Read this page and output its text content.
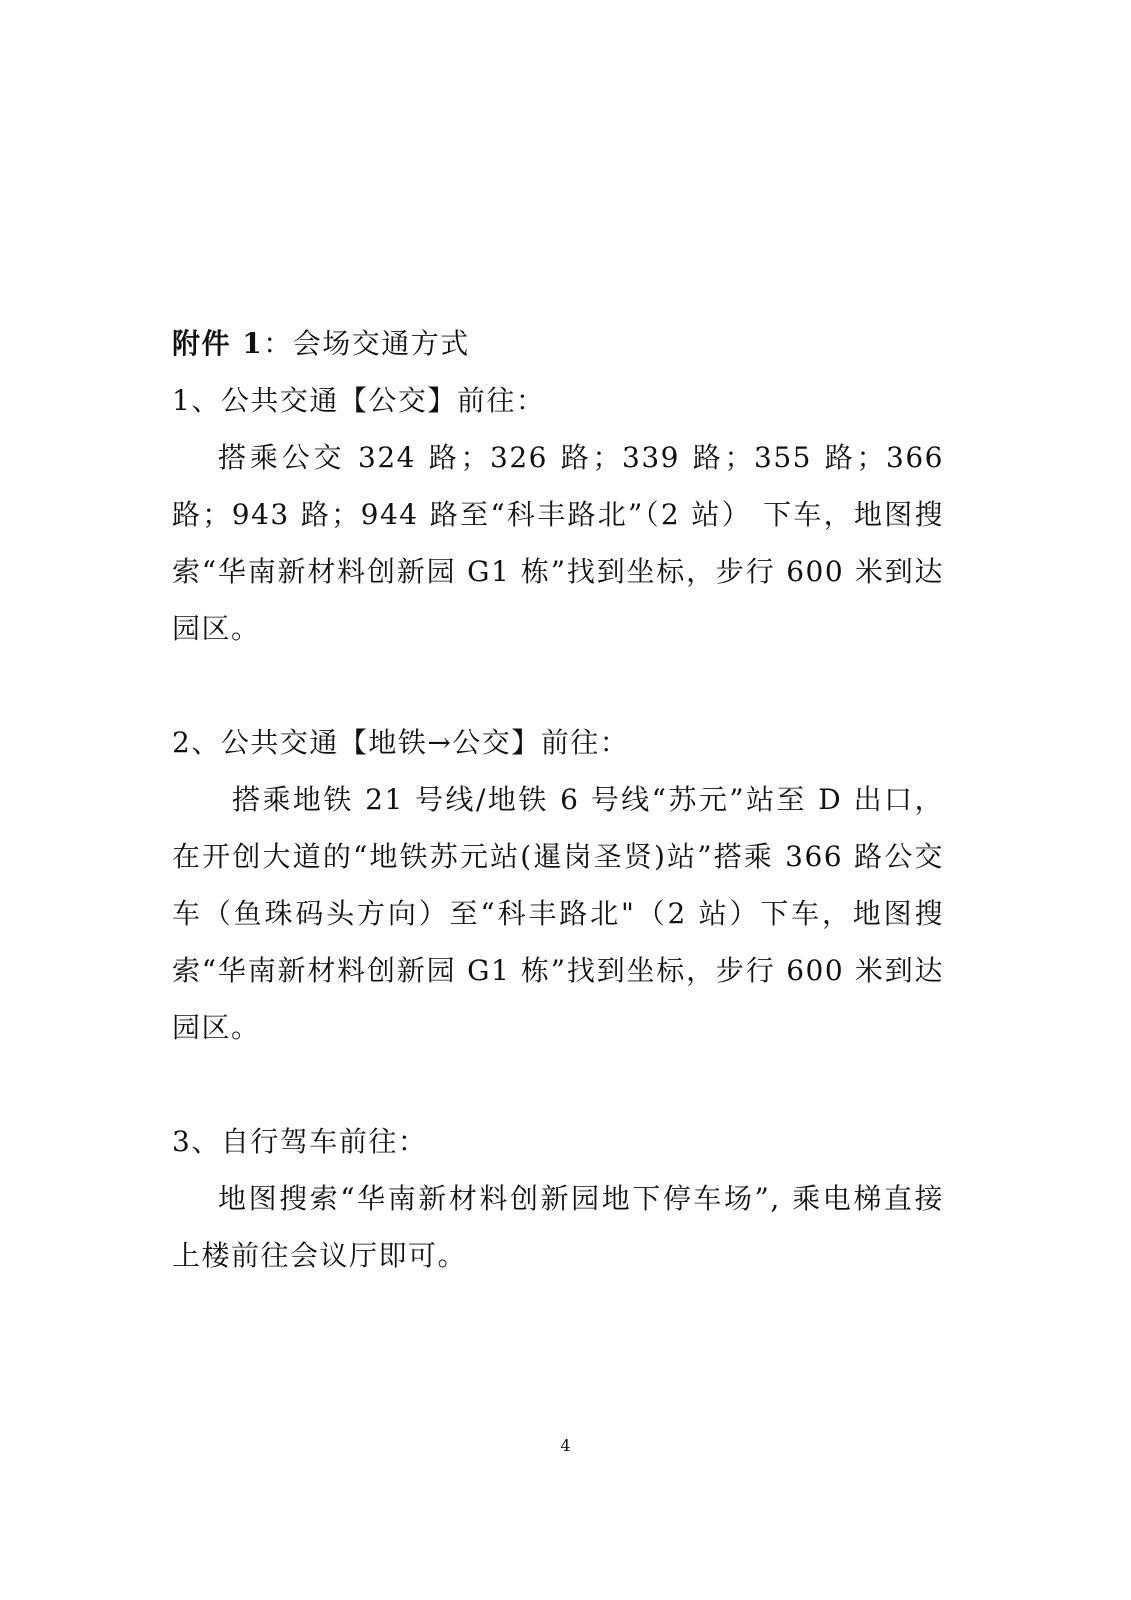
附件 1：会场交通方式

1、公共交通【公交】前往：

搭乘公交 324 路；326 路；339 路；355 路；366 路；943 路；944 路至“科丰路北”（2 站） 下车，地图搜索“华南新材料创新园 G1 栋”找到坐标，步行 600 米到达园区。

2、公共交通【地铁→公交】前往：

搭乘地铁 21 号线/地铁 6 号线“苏元”站至 D 出口，在开创大道的“地铁苏元站(暹岗圣贤)站”搭乘 366 路公交车（鱼珠码头方向）至“科丰路北"（2 站）下车，地图搜索“华南新材料创新园 G1 栋”找到坐标，步行 600 米到达园区。

3、自行驾车前往：

地图搜索“华南新材料创新园地下停车场”, 乘电梯直接上楼前往会议厅即可。

4
